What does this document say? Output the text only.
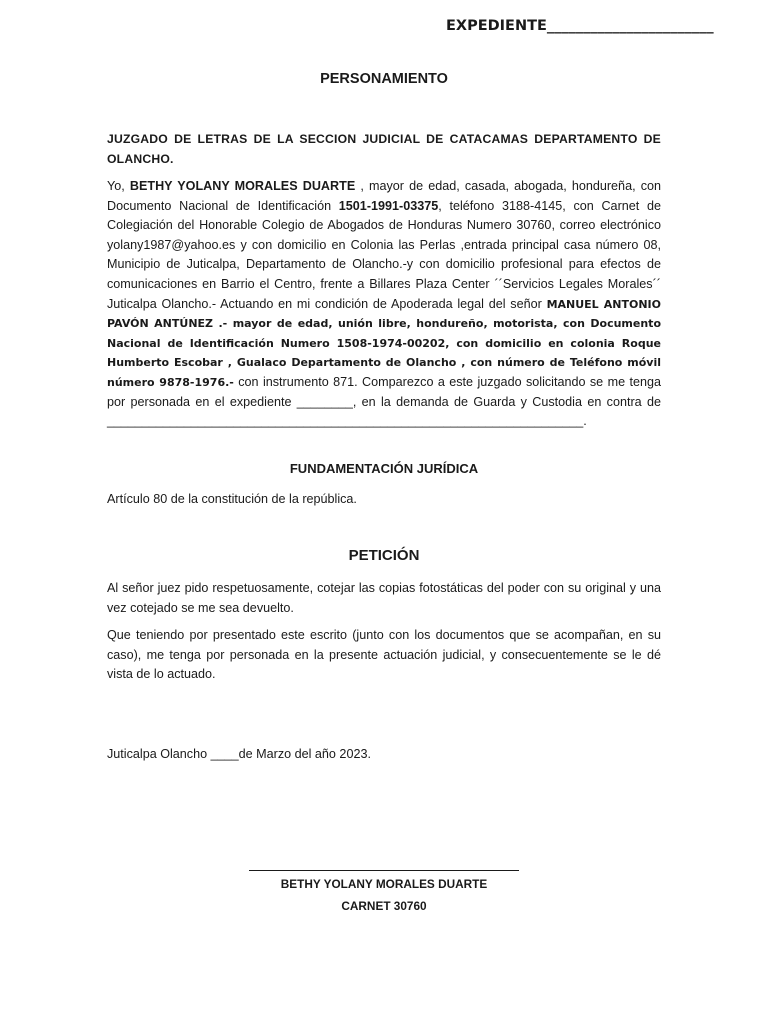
EXPEDIENTE_______________________
PERSONAMIENTO
JUZGADO DE LETRAS DE LA SECCION JUDICIAL DE CATACAMAS DEPARTAMENTO DE OLANCHO.
Yo, BETHY YOLANY MORALES DUARTE , mayor de edad, casada, abogada, hondureña, con Documento Nacional de Identificación 1501-1991-03375, teléfono 3188-4145, con Carnet de Colegiación del Honorable Colegio de Abogados de Honduras Numero 30760, correo electrónico yolany1987@yahoo.es y con domicilio en Colonia las Perlas ,entrada principal casa número 08, Municipio de Juticalpa, Departamento de Olancho.-y con domicilio profesional para efectos de comunicaciones en Barrio el Centro, frente a Billares Plaza Center ´´Servicios Legales Morales´´ Juticalpa Olancho.- Actuando en mi condición de Apoderada legal del señor MANUEL ANTONIO PAVÓN ANTÚNEZ .- mayor de edad, unión libre, hondureño, motorista, con Documento Nacional de Identificación Numero 1508-1974-00202, con domicilio en colonia Roque Humberto Escobar , Gualaco Departamento de Olancho , con número de Teléfono móvil número 9878-1976.- con instrumento 871. Comparezco a este juzgado solicitando se me tenga por personada en el expediente ________, en la demanda de Guarda y Custodia en contra de ____________________________________________________________________.
FUNDAMENTACIÓN JURÍDICA
Artículo 80 de la constitución de la república.
PETICIÓN
Al señor juez pido respetuosamente, cotejar las copias fotostáticas del poder con su original y una vez cotejado se me sea devuelto.
Que teniendo por presentado este escrito (junto con los documentos que se acompañan, en su caso), me tenga por personada en la presente actuación judicial, y consecuentemente se le dé vista de lo actuado.
Juticalpa Olancho ____de Marzo del año 2023.
BETHY YOLANY MORALES DUARTE
CARNET 30760
